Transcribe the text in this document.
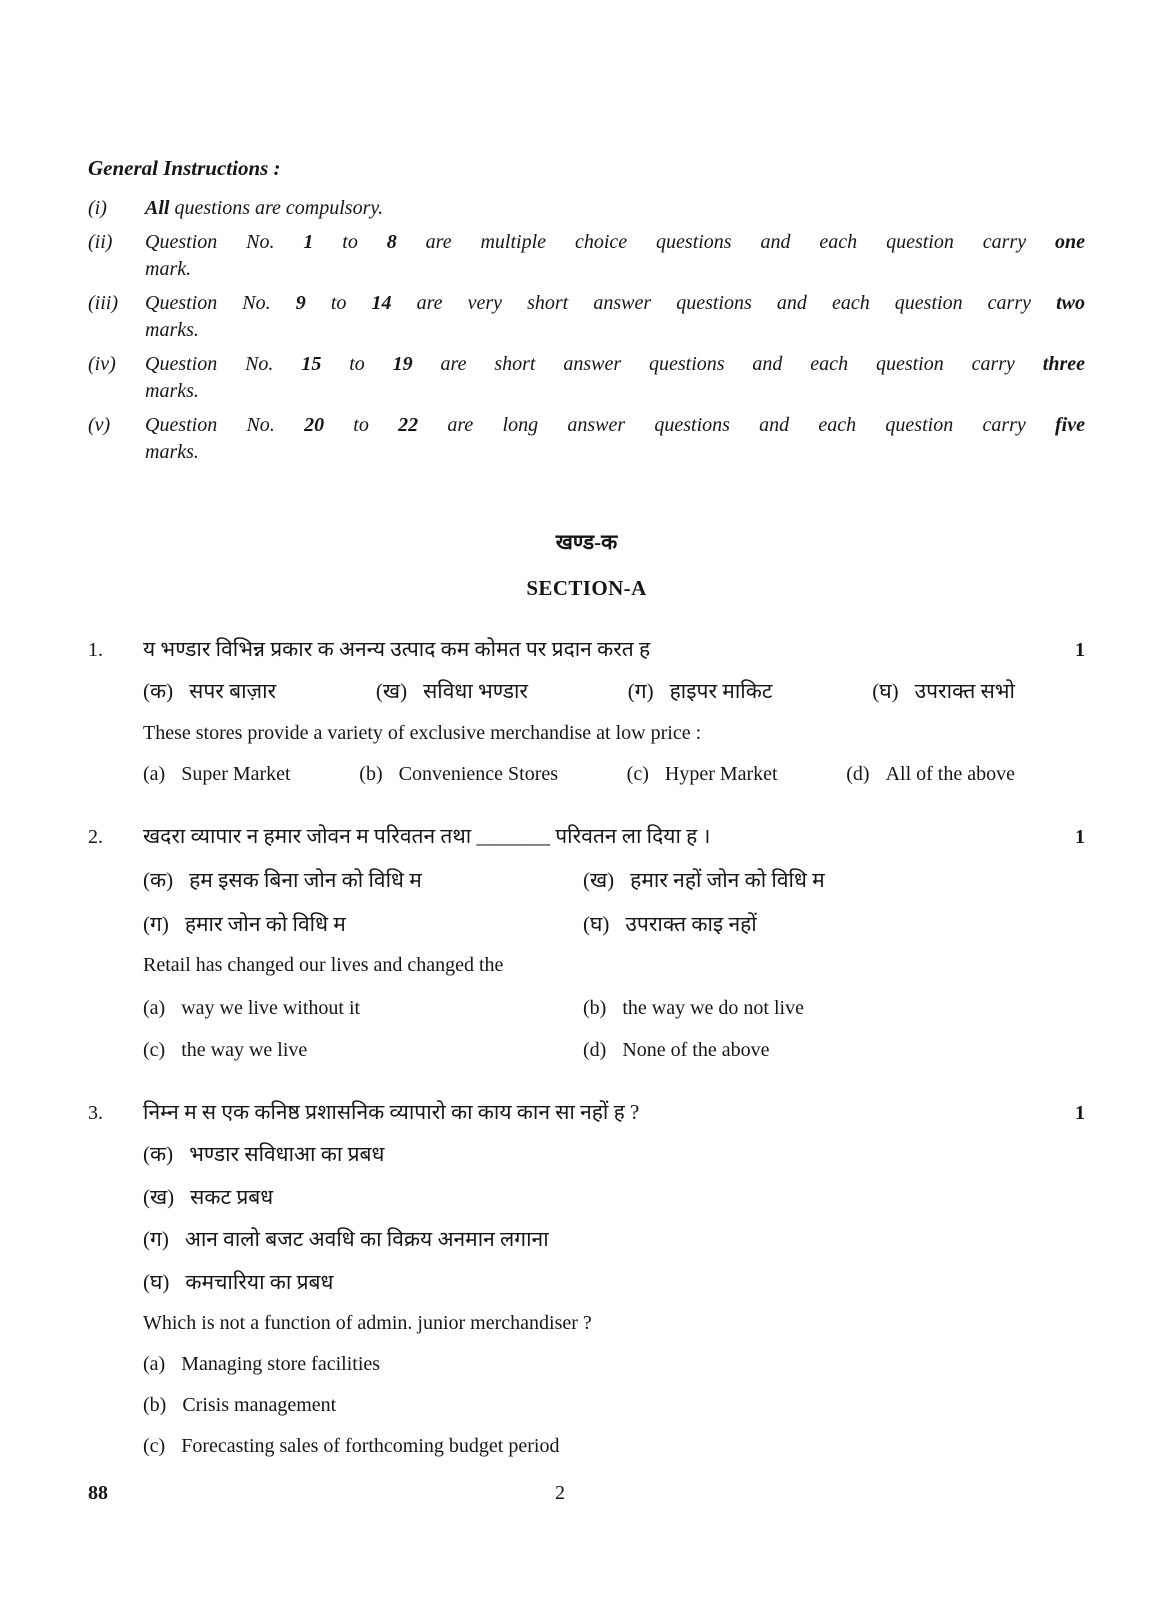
General Instructions :
(i)	All questions are compulsory.
(ii)	Question No. 1 to 8 are multiple choice questions and each question carry one
mark.
(iii)	Question No. 9 to 14 are very short answer questions and each question carry two
marks.
(iv)	Question No. 15 to 19 are short answer questions and each question carry three
marks.
(v)	Question No. 20 to 22 are long answer questions and each question carry five
marks.
खण्ड-क
SECTION-A
1.	य भण्डार विभिन्न प्रकार क अनन्य उत्पाद कम कोमत पर प्रदान करत ह	1
(क) सपर बाज़ार	(ख) सविधा भण्डार	(ग) हाइपर माकिट	(घ) उपराक्त सभो
These stores provide a variety of exclusive merchandise at low price :
(a) Super Market	(b) Convenience Stores	(c) Hyper Market	(d) All of the above
2.	खदरा व्यापार न हमार जोवन म परिवतन तथा _______ परिवतन ला दिया ह ।	1
(क) हम इसक बिना जोन को विधि म	(ख) हमार नहों जोन को विधि म
(ग) हमार जोन को विधि म	(घ) उपराक्त काइ नहों
Retail has changed our lives and changed the
(a) way we live without it	(b) the way we do not live
(c) the way we live	(d) None of the above
3.	निम्न म स एक कनिष्ठ प्रशासनिक व्यापारो का काय कान सा नहों ह ?	1
(क) भण्डार सविधाआ का प्रबध
(ख) सकट प्रबध
(ग) आन वालो बजट अवधि का विक्रय अनमान लगाना
(घ) कमचारिया का प्रबध
Which is not a function of admin. junior merchandiser ?
(a) Managing store facilities
(b) Crisis management
(c) Forecasting sales of forthcoming budget period
88	2
